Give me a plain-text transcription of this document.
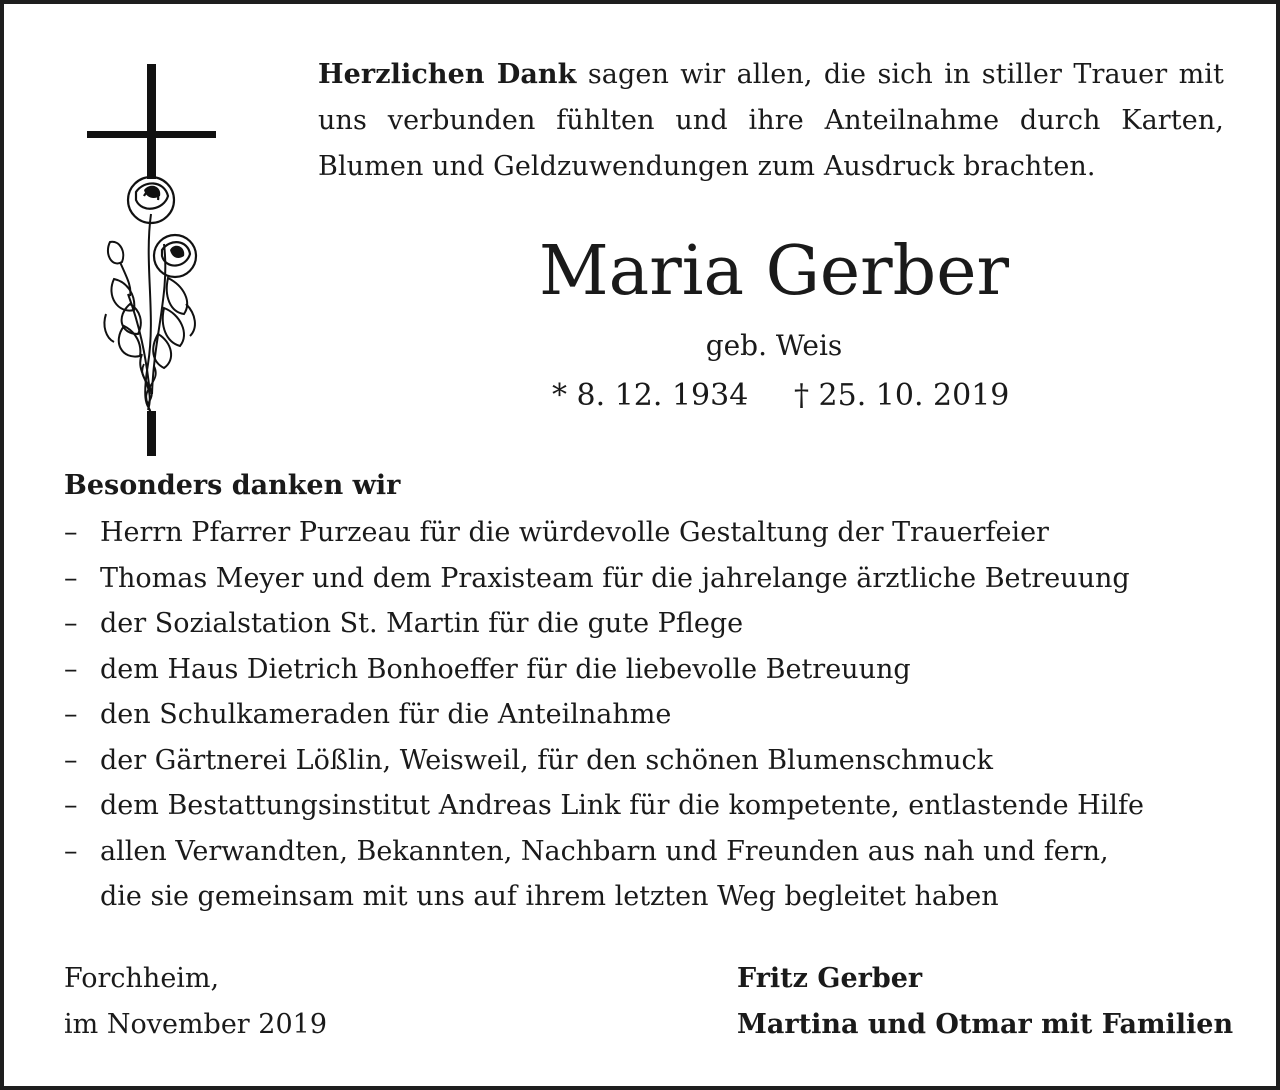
Herzlichen Dank sagen wir allen, die sich in stiller Trauer mit uns verbunden fühlten und ihre Anteilnahme durch Karten, Blumen und Geldzuwendungen zum Ausdruck brachten.
Maria Gerber
geb. Weis
* 8. 12. 1934 † 25. 10. 2019
Besonders danken wir
– Herrn Pfarrer Purzeau für die würdevolle Gestaltung der Trauerfeier
– Thomas Meyer und dem Praxisteam für die jahrelange ärztliche Betreuung
– der Sozialstation St. Martin für die gute Pflege
– dem Haus Dietrich Bonhoeffer für die liebevolle Betreuung
– den Schulkameraden für die Anteilnahme
– der Gärtnerei Lößlin, Weisweil, für den schönen Blumenschmuck
– dem Bestattungsinstitut Andreas Link für die kompetente, entlastende Hilfe
– allen Verwandten, Bekannten, Nachbarn und Freunden aus nah und fern, die sie gemeinsam mit uns auf ihrem letzten Weg begleitet haben
Forchheim,
im November 2019
Fritz Gerber
Martina und Otmar mit Familien
